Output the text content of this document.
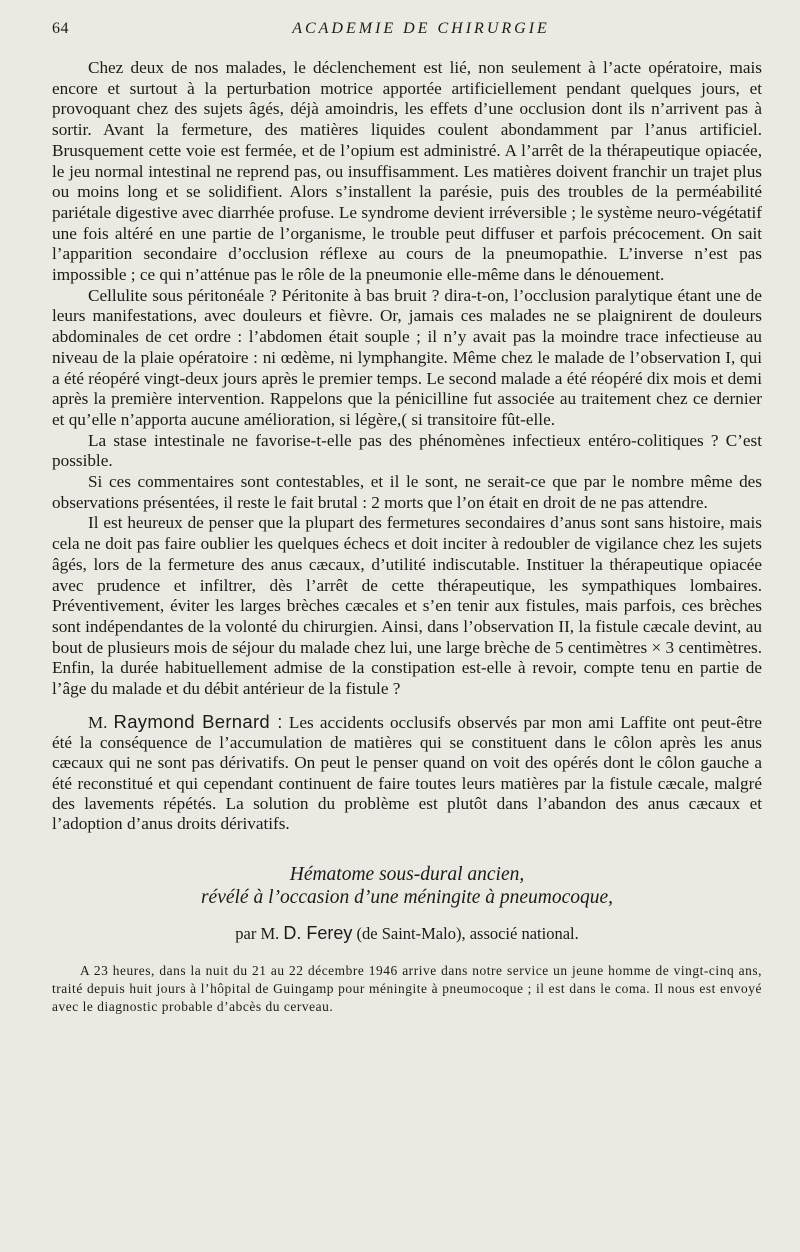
64	ACADEMIE DE CHIRURGIE

Chez deux de nos malades, le déclenchement est lié, non seulement à l’acte opératoire, mais encore et surtout à la perturbation motrice apportée artificiellement pendant quelques jours, et provoquant chez des sujets âgés, déjà amoindris, les effets d’une occlusion dont ils n’arrivent pas à sortir. Avant la fermeture, des matières liquides coulent abondamment par l’anus artificiel. Brusquement cette voie est fermée, et de l’opium est administré. A l’arrêt de la thérapeutique opiacée, le jeu normal intestinal ne reprend pas, ou insuffisamment. Les matières doivent franchir un trajet plus ou moins long et se solidifient. Alors s’installent la parésie, puis des troubles de la perméabilité pariétale digestive avec diarrhée profuse. Le syndrome devient irréversible ; le système neuro-végétatif une fois altéré en une partie de l’organisme, le trouble peut diffuser et parfois précocement. On sait l’apparition secondaire d’occlusion réflexe au cours de la pneumopathie. L’inverse n’est pas impossible ; ce qui n’atténue pas le rôle de la pneumonie elle-même dans le dénouement.

Cellulite sous péritonéale ? Péritonite à bas bruit ? dira-t-on, l’occlusion paralytique étant une de leurs manifestations, avec douleurs et fièvre. Or, jamais ces malades ne se plaignirent de douleurs abdominales de cet ordre : l’abdomen était souple ; il n’y avait pas la moindre trace infectieuse au niveau de la plaie opératoire : ni œdème, ni lymphangite. Même chez le malade de l’observation I, qui a été réopéré vingt-deux jours après le premier temps. Le second malade a été réopéré dix mois et demi après la première intervention. Rappelons que la pénicilline fut associée au traitement chez ce dernier et qu’elle n’apporta aucune amélioration, si légère,( si transitoire fût-elle.

La stase intestinale ne favorise-t-elle pas des phénomènes infectieux entéro-colitiques ? C’est possible.

Si ces commentaires sont contestables, et il le sont, ne serait-ce que par le nombre même des observations présentées, il reste le fait brutal : 2 morts que l’on était en droit de ne pas attendre.

Il est heureux de penser que la plupart des fermetures secondaires d’anus sont sans histoire, mais cela ne doit pas faire oublier les quelques échecs et doit inciter à redoubler de vigilance chez les sujets âgés, lors de la fermeture des anus cæcaux, d’utilité indiscutable. Instituer la thérapeutique opiacée avec prudence et infiltrer, dès l’arrêt de cette thérapeutique, les sympathiques lombaires. Préventivement, éviter les larges brèches cæcales et s’en tenir aux fistules, mais parfois, ces brèches sont indépendantes de la volonté du chirurgien. Ainsi, dans l’observation II, la fistule cæcale devint, au bout de plusieurs mois de séjour du malade chez lui, une large brèche de 5 centimètres × 3 centimètres. Enfin, la durée habituellement admise de la constipation est-elle à revoir, compte tenu en partie de l’âge du malade et du débit antérieur de la fistule ?

M. Raymond Bernard : Les accidents occlusifs observés par mon ami Laffite ont peut-être été la conséquence de l’accumulation de matières qui se constituent dans le côlon après les anus cæcaux qui ne sont pas dérivatifs. On peut le penser quand on voit des opérés dont le côlon gauche a été reconstitué et qui cependant continuent de faire toutes leurs matières par la fistule cæcale, malgré des lavements répétés. La solution du problème est plutôt dans l’abandon des anus cæcaux et l’adoption d’anus droits dérivatifs.

Hématome sous-dural ancien,
révélé à l’occasion d’une méningite à pneumocoque,
par M. D. Ferey (de Saint-Malo), associé national.

A 23 heures, dans la nuit du 21 au 22 décembre 1946 arrive dans notre service un jeune homme de vingt-cinq ans, traité depuis huit jours à l’hôpital de Guingamp pour méningite à pneumocoque ; il est dans le coma. Il nous est envoyé avec le diagnostic probable d’abcès du cerveau.
